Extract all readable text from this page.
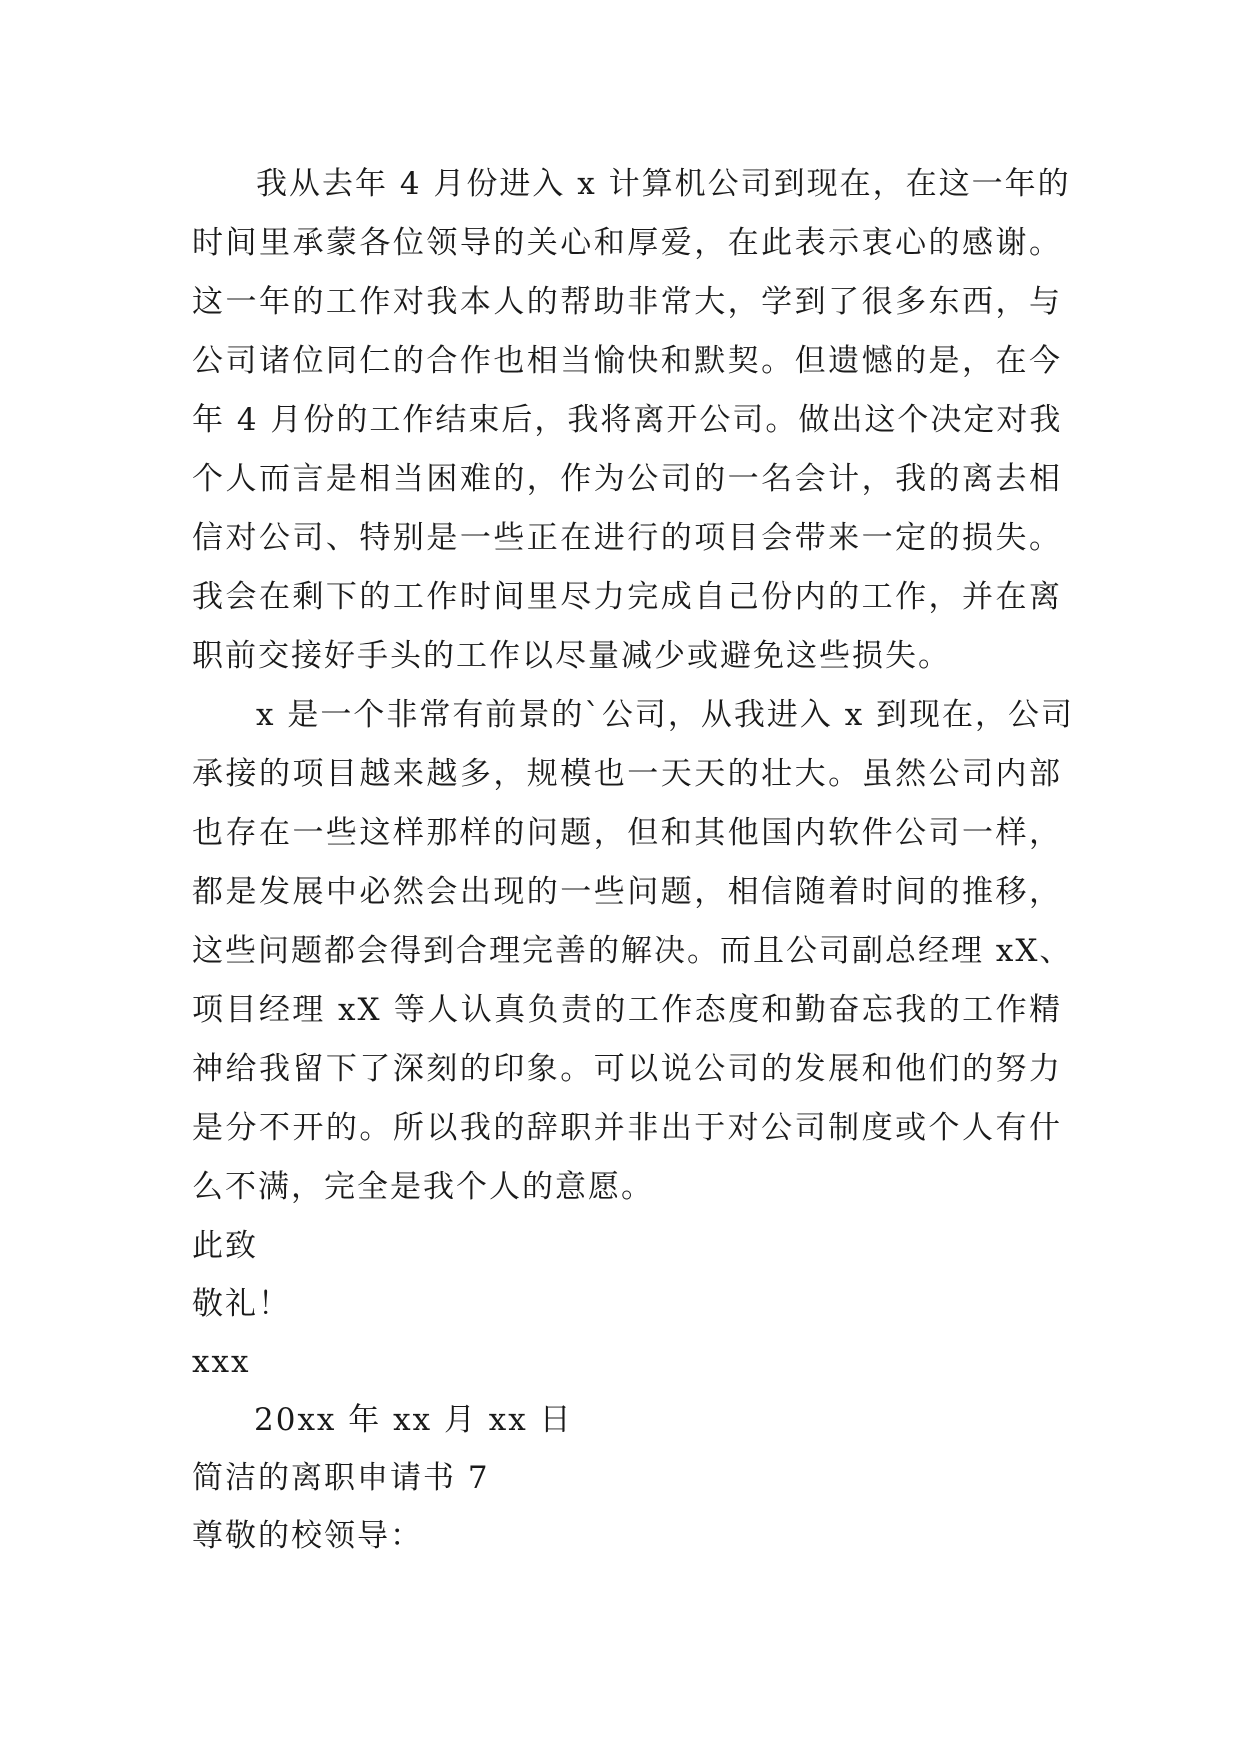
我从去年 4 月份进入 x 计算机公司到现在，在这一年的
时间里承蒙各位领导的关心和厚爱，在此表示衷心的感谢。
这一年的工作对我本人的帮助非常大，学到了很多东西，与
公司诸位同仁的合作也相当愉快和默契。但遗憾的是，在今
年 4 月份的工作结束后，我将离开公司。做出这个决定对我
个人而言是相当困难的，作为公司的一名会计，我的离去相
信对公司、特别是一些正在进行的项目会带来一定的损失。
我会在剩下的工作时间里尽力完成自己份内的工作，并在离
职前交接好手头的工作以尽量减少或避免这些损失。
x 是一个非常有前景的`公司，从我进入 x 到现在，公司
承接的项目越来越多，规模也一天天的壮大。虽然公司内部
也存在一些这样那样的问题，但和其他国内软件公司一样，
都是发展中必然会出现的一些问题，相信随着时间的推移，
这些问题都会得到合理完善的解决。而且公司副总经理 xX、
项目经理 xX 等人认真负责的工作态度和勤奋忘我的工作精
神给我留下了深刻的印象。可以说公司的发展和他们的努力
是分不开的。所以我的辞职并非出于对公司制度或个人有什
么不满，完全是我个人的意愿。
此致
敬礼！
xxx
20xx 年 xx 月 xx 日
简洁的离职申请书 7
尊敬的校领导：
